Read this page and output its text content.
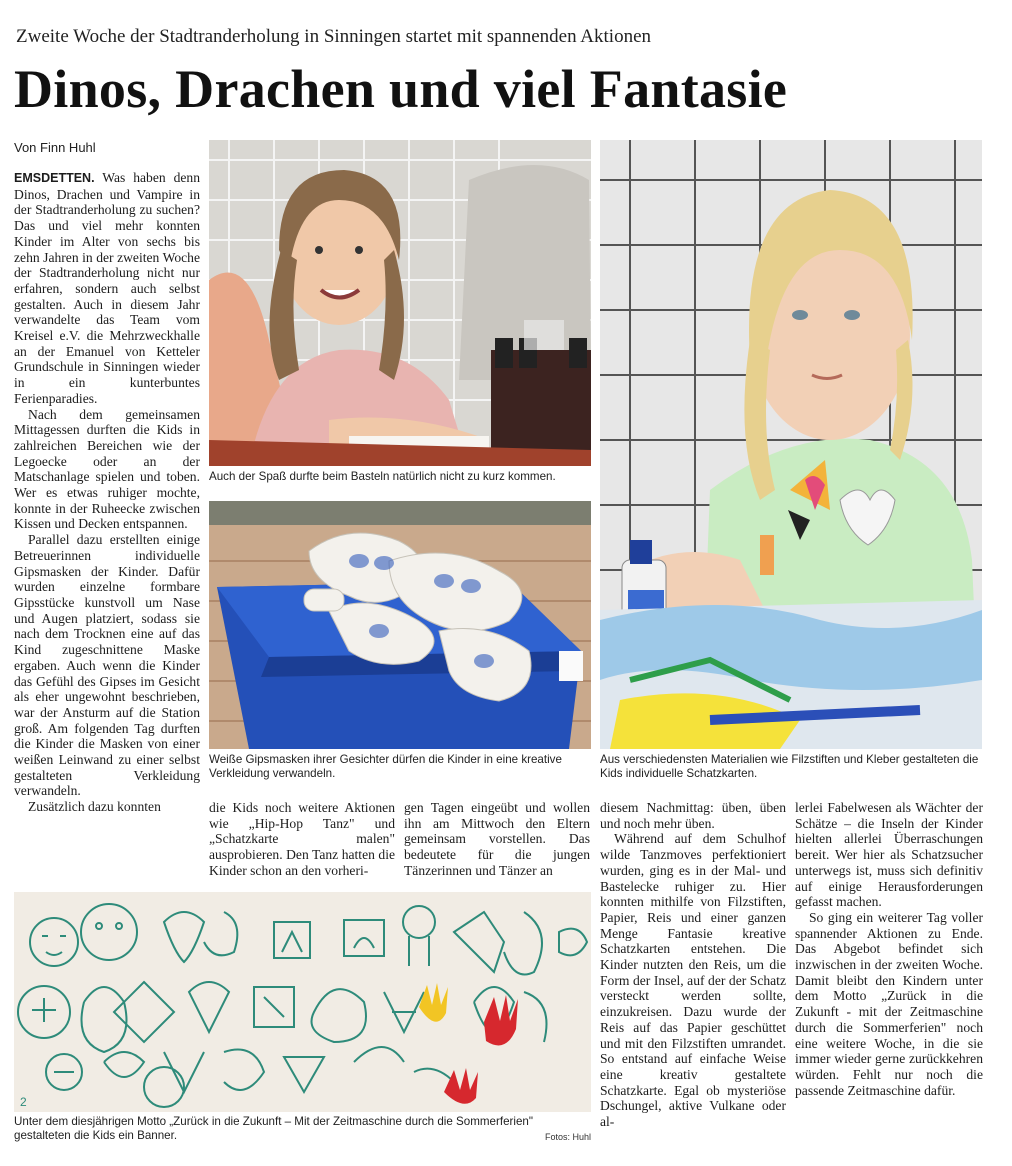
Zweite Woche der Stadtranderholung in Sinningen startet mit spannenden Aktionen
Dinos, Drachen und viel Fantasie
Von Finn Huhl

EMSDETTEN. Was haben denn Dinos, Drachen und Vampire in der Stadtranderholung zu suchen? Das und viel mehr konnten Kinder im Alter von sechs bis zehn Jahren in der zweiten Woche der Stadtranderholung nicht nur erfahren, sondern auch selbst gestalten. Auch in diesem Jahr verwandelte das Team vom Kreisel e.V. die Mehrzweckhalle an der Emanuel von Ketteler Grundschule in Sinningen wieder in ein kunterbuntes Ferienparadies.

Nach dem gemeinsamen Mittagessen durften die Kids in zahlreichen Bereichen wie der Legoecke oder an der Matschanlage spielen und toben. Wer es etwas ruhiger mochte, konnte in der Ruheecke zwischen Kissen und Decken entspannen.

Parallel dazu erstellten einige Betreuerinnen individuelle Gipsmasken der Kinder. Dafür wurden einzelne formbare Gipsstücke kunstvoll um Nase und Augen platziert, sodass sie nach dem Trocknen eine auf das Kind zugeschnittene Maske ergaben. Auch wenn die Kinder das Gefühl des Gipses im Gesicht als eher ungewohnt beschrieben, war der Ansturm auf die Station groß. Am folgenden Tag durften die Kinder die Masken von einer weißen Leinwand zu einer selbst gestalteten Verkleidung verwandeln.

Zusätzlich dazu konnten

Auch der Spaß durfte beim Basteln natürlich nicht zu kurz kommen.
Weiße Gipsmasken ihrer Gesichter dürfen die Kinder in eine kreative Verkleidung verwandeln.
Aus verschiedensten Materialien wie Filzstiften und Kleber gestalteten die Kids individuelle Schatzkarten.

die Kids noch weitere Aktionen wie „Hip-Hop Tanz" und „Schatzkarte malen" ausprobieren. Den Tanz hatten die Kinder schon an den vorheri-

gen Tagen eingeübt und wollen ihn am Mittwoch den Eltern gemeinsam vorstellen. Das bedeutete für die jungen Tänzerinnen und Tänzer an

diesem Nachmittag: üben, üben und noch mehr üben.

Während auf dem Schulhof wilde Tanzmoves perfektioniert wurden, ging es in der Mal- und Bastelecke ruhiger zu. Hier konnten mithilfe von Filzstiften, Papier, Reis und einer ganzen Menge Fantasie kreative Schatzkarten entstehen. Die Kinder nutzten den Reis, um die Form der Insel, auf der der Schatz versteckt werden sollte, einzukreisen. Dazu wurde der Reis auf das Papier geschüttet und mit den Filzstiften umrandet. So entstand auf einfache Weise eine kreativ gestaltete Schatzkarte. Egal ob mysteriöse Dschungel, aktive Vulkane oder al-

lerlei Fabelwesen als Wächter der Schätze – die Inseln der Kinder hielten allerlei Überraschungen bereit. Wer hier als Schatzsucher unterwegs ist, muss sich definitiv auf einige Herausforderungen gefasst machen.

So ging ein weiterer Tag voller spannender Aktionen zu Ende. Das Abgebot befindet sich inzwischen in der zweiten Woche. Damit bleibt den Kindern unter dem Motto „Zurück in die Zukunft - mit der Zeitmaschine durch die Sommerferien" noch eine weitere Woche, in die sie immer wieder gerne zurückkehren würden. Fehlt nur noch die passende Zeitmaschine dafür.

2
Unter dem diesjährigen Motto „Zurück in die Zukunft – Mit der Zeitmaschine durch die Sommerferien" gestalteten die Kids ein Banner.	Fotos: Huhl
